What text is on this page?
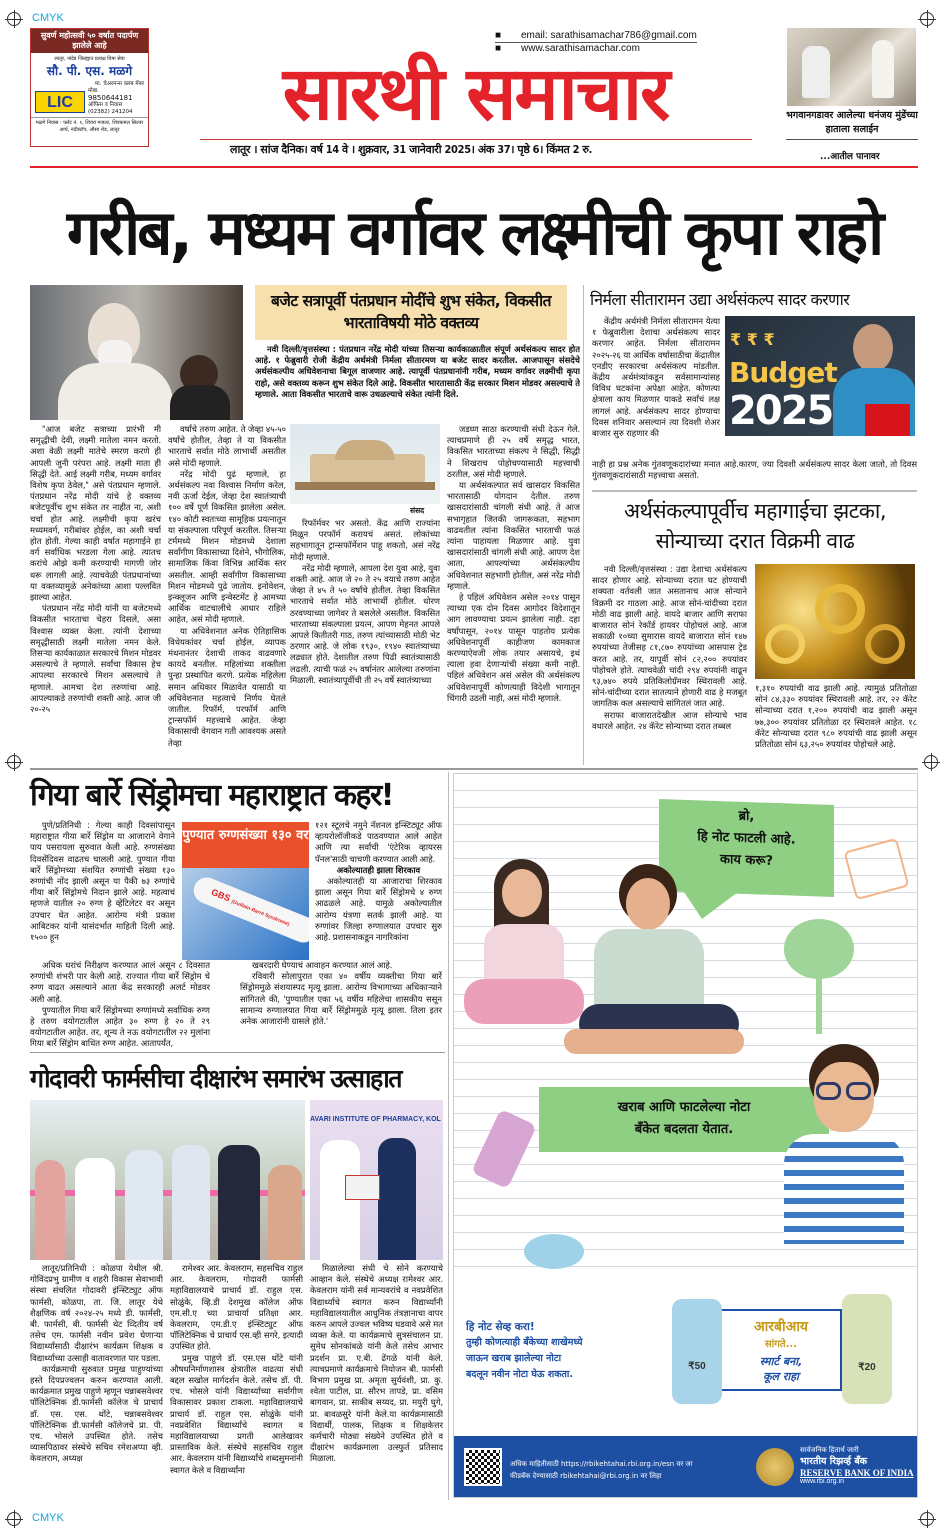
CMYK
CMYK
सुवर्ण महोत्सवी ५० वर्षात पदार्पण झालेले आहे
लातूर, नांदेड जिल्ह्यात प्रत्यक्ष विमा सेवा
सौ. पी. एस. मळगे
मा. चेअरमन्स क्लब मेंबर
LIC
मोबा.
9850644181
ऑफिस व निवास
(02382) 241204
मळगे निवास : फ्लॅट नं. १, शिवरा मजला, शिवकमल सिल्वर आर्च, नंदीस्टॉप, औसा रोड, लातूर
■ email: sarathisamachar786@gmail.com
■ www.sarathisamachar.com
सारथी समाचार
लातूर । सांज दैनिक। वर्ष 14 वे । शुक्रवार, 31 जानेवारी 2025। अंक 37। पृष्ठे 6। किंमत 2 रु.
भगवानगडावर आलेल्या धनंजय मुंडेंच्या हाताला सलाईन
...आतील पानावर
गरीब, मध्यम वर्गावर लक्ष्मीची कृपा राहो
बजेट सत्रापूर्वी पंतप्रधान मोदींचे शुभ संकेत, विकसीत भारताविषयी मोठे वक्तव्य

नवी दिल्ली/वृत्तसंस्था : पंतप्रधान नरेंद्र मोदी यांच्या तिसऱ्या कार्यकाळातील संपूर्ण अर्थसंकल्प सादर होत आहे. १ फेब्रुवारी रोजी केंद्रीय अर्थमंत्री निर्मला सीतारमण या बजेट सादर करतील. आजपासून संसदेचे अर्थसंकल्पीय अधिवेशनाचा बिगूल वाजणार आहे. त्यापूर्वी पंतप्रधानांनी गरीब, मध्यम वर्गावर लक्ष्मीची कृपा राहो, असे वक्तव्य करून शुभ संकेत दिले आहे. विकसीत भारतासाठी केंद्र सरकार मिशन मोडवर असल्याचे ते म्हणाले. आता विकसीत भारताचे वारू उधळल्याचे संकेत त्यांनी दिले.

"आज बजेट सत्राच्या प्रारंभी मी समृद्धीची देवी, लक्ष्मी मातेला नमन करतो. अशा वेळी लक्ष्मी मातेचे स्मरण करणे ही आपली जुनी परंपरा आहे. लक्ष्मी माता ही सिद्धी देते. आई लक्ष्मी गरीब, मध्यम वर्गावर विशेष कृपा ठेवेल," असे पंतप्रधान म्हणाले. पंतप्रधान नरेंद्र मोदी यांचे हे वक्तव्य बजेटपूर्वीच शुभ संकेत तर नाहीत ना, अशी चर्चा होत आहे. लक्ष्मीची कृपा खरंच मध्यमवर्ग, गरीबांवर होईल, का अशी चर्चा होत होती. गेल्या काही वर्षात महागाईने हा वर्ग सर्वाधिक भरडला गेला आहे. त्यातच करांचे ओझे कमी करण्याची मागणी जोर धरू लागली आहे. त्याचवेळी पंतप्रधानांच्या या वक्तव्यामुळे अनेकांच्या आशा पल्लवित झाल्या आहेत.

पंतप्रधान नरेंद्र मोदी यांनी या बजेटमध्ये विकसीत भारताचा चेहरा दिसले, असा विश्वास व्यक्त केला. त्यांनी देशाच्या समृद्धीसाठी लक्ष्मी मातेला नमन केले. तिसऱ्या कार्यकाळात सरकारचे मिशन मोडवर असल्याचे ते म्हणाले. सर्वांचा विकास हेच आपल्या सरकारचे मिशन असल्याचे ते म्हणाले. आमचा देश तरुणांचा आहे. आपल्याकडे तरुणांची शक्ती आहे. आज जी २०-२५

वर्षांचे तरुण आहेत. ते जेव्हा ४५-५० वर्षांचे होतील, तेव्हा ते या विकसीत भारताचे सर्वात मोठे लाभार्थी असतील असे मोदी म्हणाले.

नरेंद्र मोदी पुढं म्हणाले, हा अर्थसंकल्प नवा विश्वास निर्माण करेल, नवी ऊर्जा देईल, जेव्हा देश स्वातंत्र्याची १०० वर्षे पूर्ण विकसित झालेला असेल. १४० कोटी स्वतःच्या सामूहिक प्रयत्नातून या संकल्पाला परिपूर्ण करतील. तिसऱ्या टर्ममध्ये मिशन मोडमध्ये देशाला सर्वांगीण विकासाच्या दिशेने, भौगोलिक, सामाजिक किंवा विभिन्न आर्थिक स्तर असतील. आम्ही सर्वांगीण विकासाच्या मिशन मोडमध्ये पुढे जातोय. इनोवेशन, इन्क्लूजन आणि इन्वेस्टमेंट हे आमच्या आर्थिक वाटचालीचे आधार राहिले आहेत, असं मोदी म्हणाले.

या अधिवेशनात अनेक ऐतिहासिक विधेयकांवर चर्चा होईल, व्यापक मंथनानंतर देशाची ताकद वाढवणारे कायदे बनतील. महिलांच्या शक्तीला पुन्हा प्रस्थापित करणे. प्रत्येक महिलेला समान अधिकार मिळावेत यासाठी या अधिवेशनात महत्वाचे निर्णय घेतले जातील. रिफॉर्म, परफॉर्म आणि ट्रान्सफॉर्म महत्त्वाचे आहेत. जेव्हा विकासाची वेगवान गती आवश्यक असते तेव्हा

संसद

रिफॉर्मवर भर असतो. केंद्र आणि राज्यांना मिळून परफॉर्म करायचं असतं. लोकांच्या सहभागातून ट्रान्सफॉर्मेशन पाहू शकतो, असं नरेंद्र मोदी म्हणाले.

नरेंद्र मोदी म्हणाले, आपला देश युवा आहे, युवा शक्ती आहे. आज जे २० ते २५ वयाचे तरुण आहेत जेव्हा ते ४५ ते ५० वर्षांचे होतील. तेव्हा विकसित भारताचे सर्वात मोठे लाभार्थी होतील. धोरण ठरवण्याच्या जागेवर ते बसलेले असतील. विकसित भारताच्या संकल्पाला प्रयत्न, आपण मेहनत आपले आपले कितीतरी गाठ, तरुण त्यांच्यासाठी मोठी भेट ठरणार आहे. जे लोक १९३०, १९४० स्वातंत्र्याच्या लढ्यात होते. देशातील तरुण पिढी स्वातंत्र्यासाठी लढली. त्याची फळं २५ वर्षानंतर आलेल्या तरुणांना मिळाली. स्वातंत्र्यापूर्वीची ती २५ वर्षे स्वातंत्र्याच्या

जडघ्ण साठा करण्याची संधी देऊन गेले. त्याचप्रमाणे ही २५ वर्षे समृद्ध भारत, विकसित भारताच्या संकल्प ने सिद्धी, सिद्धी ने शिखराच पोहोचण्यासाठी महत्त्वाची ठरतील, असं मोदी म्हणाले.

या अर्थसंकल्पात सर्व खासदार विकसित भारतासाठी योगदान देतील. तरुण खासदारांसाठी चांगली संधी आहे. ते आज सभागृहात जितकी जागरूकता, सहभाग वाढवतील त्यांना विकसित भारताची फळं त्यांना पाहायला मिळणार आहे. युवा खासदारांसाठी चांगली संधी आहे. आपण देश आता, आपल्यांच्या अर्थसंकल्पीय अधिवेशनात सहभागी होतील, असं नरेंद्र मोदी म्हणाले.

हे पहिलं अधिवेशन असेल २०१४ पासून त्याच्या एक दोन दिवस आगोदर विदेशातून आग लावण्याचा प्रयत्न झालेला नाही. दहा वर्षांपासून, २०१४ पासून पाहतोय प्रत्येक अधिवेशनापूर्वी काहीजण कामकाज करण्याऐवजी लोक तयार असायचे, इथं त्याला हवा देणाऱ्यांची संख्या कमी नाही. पहिलं अधिवेशन असं असेल की अर्थसंकल्प अधिवेशनापूर्वी कोणत्याही विदेशी भागातून चिंगारी उठली नाही, असं मोदी म्हणाले.

निर्मला सीतारामन उद्या अर्थसंकल्प सादर करणार

केंद्रीय अर्थमंत्री निर्मला सीतारामन येत्या १ फेब्रुवारीला देशाचा अर्थसंकल्प सादर करणार आहेत. निर्मला सीतारामन २०२५-२६ या आर्थिक वर्षासाठीचा केंद्रातील एनडीए सरकारचा अर्थसंकल्प मांडतील. केंद्रीय अर्थमंत्र्यांकडून सर्वसामान्यांसह विविध घटकांना अपेक्षा आहेत. कोणत्या क्षेत्राला काय मिळणार याकडे सर्वांचं लक्ष लागलं आहे. अर्थसंकल्प सादर होण्याचा दिवस शनिवार असल्यानं त्या दिवशी शेअर बाजार सुरु राहणार की

₹ ₹ ₹
Budget
2025

नाही हा प्रश्न अनेक गुंतवणूकदारांच्या मनात आहे.कारण, ज्या दिवशी अर्थसंकल्प सादर केला जातो, तो दिवस गुंतवणूकदारांसाठी महत्त्वाचा असतो.

अर्थसंकल्पापूर्वीच महागाईचा झटका, सोन्याच्या दरात विक्रमी वाढ

नवी दिल्ली/वृत्तसंस्था : उद्या देशाचा अर्थसंकल्प सादर होणार आहे. सोन्याच्या दरात घट होण्याची शक्यता वर्तवली जात असतानाच आज सोन्याने विक्रमी दर गाठला आहे. आज सोनं-चांदीच्या दरात मोठी वाढ झाली आहे. वायदे बाजार आणि सराफा बाजारात सोनं रेकॉर्ड हायवर पोहोचलं आहे. आज सकाळी १०च्या सुमारास वायदे बाजारात सोनं १४७ रुपयांच्या तेजीसह ८१,८७० रुपयांच्या आसपास ट्रेड करत आहे. तर, यापूर्वी सोनं ८२,२०० रुपयांवर पोहोचले होते. त्याचवेळी चांदी २९४ रुपयांनी वाढून ९३,७४० रुपये प्रतिकिलोग्रॅमवर स्थिरावली आहे. सोनं-चांदीच्या दरात सातत्याने होणारी वाढ हे मजबूत जागतिक कल असल्याचे सांगितलं जात आहे.

सराफा बाजारातदेखील आज सोन्याचे भाव वधारले आहेत. २४ कॅरेट सोन्याच्या दरात तब्बल

१,३१० रुपयांची वाढ झाली आहे. त्यामुळं प्रतितोळा सोनं ८४,३३० रुपयांवर स्थिरावली आहे. तर, २२ कॅरेट सोन्याच्या दरात १,२०० रुपयांची वाढ झाली असून ७७,३०० रुपयांवर प्रतितोळा दर स्थिरावले आहेत. १८ कॅरेट सोन्याच्या दरात ९८० रुपयांची वाढ झाली असून प्रतितोळा सोनं ६३,२५० रुपयांवर पोहोचले आहे.

गिया बार्रे सिंड्रोमचा महाराष्ट्रात कहर!

पुणे/प्रतिनिधी : गेल्या काही दिवसांपासून महाराष्ट्रात गीया बार्रे सिंड्रोम या आजाराने वेगाने पाय पसरायला सुरुवात केली आहे. रुग्णसंख्या दिवसेंदिवस वाढतच चालली आहे. पुण्यात गीया बार्रे सिंड्रोमच्या संशयित रुग्णांची संख्या १३० रुग्णांची नोंद झाली असून या पैकी ७३ रुग्णांचे गीया बार्रे सिंड्रोमचे निदान झाले आहे. महत्वाचं म्हणजे यातील २० रुग्ण हे व्हेंटिलेटर वर असून उपचार घेत आहेत. आरोग्य मंत्री प्रकाश आबिटकर यांनी यासंदर्भात माहिती दिली आहे. १५०० हून

पुण्यात रुग्णसंख्या १३० वर
GBS (Guillain-Barré Syndrome)

१२१ स्टूलचे नमुने नॅशनल इन्स्टिट्यूट ऑफ व्हायरोलॉजीकडे पाठवण्यात आले आहेत आणि त्या सर्वांची 'एंटेरिक व्हायरस पॅनल'साठी चाचणी करण्यात आली आहे.

अकोल्यातही झाला शिरकाव

अकोल्यातही या आजाराचा शिरकाव झाला असून गिया बार्रे सिंड्रोमचे ४ रुग्ण आढळले आहे. यामुळे अकोल्यातील आरोग्य यंत्रणा सतर्क झाली आहे. या रुग्णांवर जिल्हा रुग्णालयात उपचार सुरु आहे. प्रशासनाकडून नागरिकांना

अधिक घरांचं निरीक्षण करण्यात आलं असून ८ दिवसात रुग्णांची शंभरी पार केली आहे. राज्यात गीया बार्रे सिंड्रोम चे रुग्ण वाढत असल्याने आता केंद्र सरकारही अलर्ट मोडवर अली आहे.

पुण्यातील गिया बार्रे सिंड्रोमच्या रुग्णांमध्ये सर्वाधिक रुग्ण हे तरुण वयोगटातील आहेत ३० रुग्ण हे २० ते २९ वयोगटातील आहेत. तर, शून्य ते नऊ वयोगटातील २२ मुलांना गिया बार्रे सिंड्रोम बाधित रुग्ण आहेत. आतापर्यंत,

खबरदारी घेण्याचं आवाहन करण्यात आलं आहे.

रविवारी सोलापुरात एका ४० वर्षीय व्यक्तीचा गिया बार्रे सिंड्रोममुळे संशयास्पद मृत्यू झाला. आरोग्य विभागाच्या अधिकाऱ्याने सांगितले की, 'पुण्यातील एका ५६ वर्षीय महिलेचा शासकीय ससून सामान्य रुग्णालयात गिया बार्रे सिंड्रोममुळे मृत्यू झाला. तिला इतर अनेक आजारांनी ग्रासले होते.'

गोदावरी फार्मसीचा दीक्षारंभ समारंभ उत्साहात
AVARI INSTITUTE OF PHARMACY, KOL

लातूर/प्रतिनिधी : कोळपा येथील श्री. गोविंदप्रभु ग्रामीण व शहरी विकास सेवाभावी संस्था संचलित गोदावरी इंन्स्टिट्युट ऑफ फार्मसी, कोळपा, ता. जि. लातूर येथे शैक्षणिक वर्ष २०२४-२५ मध्ये डी. फार्मसी, बी. फार्मसी, बी. फार्मसी थेट व्दितीय वर्ष तसेच एम. फार्मसी नवीन प्रवेश घेणाऱ्या विद्यार्थ्यांसाठी दीक्षारंभ कार्यक्रम शिक्षक व विद्यार्थ्यांच्या उत्साही वातावरणात पार पडला.

कार्यक्रमाची सुरुवात प्रमुख पाहुण्यांच्या हस्ते दिपप्रज्वलन करुन करण्यात आली. कार्यक्रमात प्रमुख पाहुणे म्हणून चन्नाबसवेश्वर पॉलिटेक्निक डी.फार्मसी कॉलेज चे प्राचार्य डॉ. एस. एस. थोंटे, चन्नाबसवेश्वर पॉलिटेक्निक डी.फार्मसी कॉलेजचे प्रा. पी. एच. भोसले उपस्थित होते. तसेच व्यासपिठावर संस्थेचे सचिव रमेशअप्पा व्ही. केवलराम, अध्यक्ष

रामेश्वर आर. केवलराम, सहसचिव राहुल आर. केवलराम, गोदावरी फार्मसी महाविद्यालयाचे प्राचार्य डॉ. राहुल एस. सोळुंके, व्हि.डी देशमुख कॉलेज ऑफ एम.सी.ए च्या प्राचार्या प्रतिक्षा आर. केवलराम, एम.डी.ए इंन्स्टिट्युट ऑफ पॉलिटेक्निक चे प्राचार्य एस.व्ही सगरे, इत्यादी उपस्थित होते.

प्रमुख पाहुणे डॉ. एस.एस थोंटे यांनी औषधनिर्माणशास्त्र क्षेत्रातील वाढत्या संधी बद्दल सखोल मार्गदर्शन केले. तसेच डॉ. पी. एच. भोसले यांनी विद्यार्थ्यांच्या सर्वांगीण विकासावर प्रकाश टाकला. महाविद्यालयाचे प्राचार्य डॉ. राहुल एस. सोळुंके यांनी नवप्रवेशित विद्यार्थ्यांचे स्वागत व महाविद्यालयाच्या प्रगती आलेखावर प्रास्ताविक केले. संस्थेचे सहसचिव राहुल आर. केवलराम यांनी विद्यार्थ्यांचे शब्दसुमनांनी स्वागत केले व विद्यार्थ्यांना

मिळालेल्या संधी चे सोने करण्याचे आव्हान केले. संस्थेचे अध्यक्ष रामेश्वर आर. केवलराम यांनी सर्व मान्यवरांचे व नवप्रवेशित विद्यार्थ्यांचे स्वागत करुन विद्यार्थ्यांनी महाविद्यालयातील आधुनिक तंत्रज्ञानाचा वापर करुन आपले उज्वल भविष्य घडवावे असे मत व्यक्त केले. या कार्यक्रमाचे सुत्रसंचालन प्रा. सुमेध सोनकांबळे यांनी केले तसेच आभार प्रदर्शन प्रा. ए.बी. ढेंगळे यांनी केले. त्याचप्रमाणे कार्यक्रमाचे नियोजन बी. फार्मसी विभाग प्रमुख प्रा. अमृता सुर्यवंशी, प्रा. कु. श्वेता पाटील, प्रा. सौरभ तापडे, प्रा. वसिम बागवान, प्रा. साकीब सय्यद, प्रा. मयुरी घुगे, प्रा. बावळसुरे यांनी केले.या कार्यक्रमासाठी विद्यार्थी, पालक, शिक्षक व शिक्षकेत्तर कर्मचारी मोठ्या संख्येने उपस्थित होते व दीक्षारंभ कार्यक्रमाला उत्स्फुर्त प्रतिसाद मिळाला.

ब्रो,
हि नोट फाटली आहे.
काय करू?
खराब आणि फाटलेल्या नोटा
बँकेत बदलता येतात.
हि नोट सेव्ह करा!
तुम्ही कोणत्याही बँकेच्या शाखेमध्ये
जाऊन खराब झालेल्या नोटा
बदलून नवीन नोटा घेऊ शकता.
₹50
आरबीआय
सांगते...
स्मार्ट बना,
कूल राहा
₹20
अधिक माहितीसाठी https://rbikehtahai.rbi.org.in/esn वर जा
फीडबॅक देण्यासाठी rbikehtahai@rbi.org.in वर लिहा
सार्वजनिक हितार्थ जारी
भारतीय रिझर्व्ह बँक
RESERVE BANK OF INDIA
www.rbi.org.in
